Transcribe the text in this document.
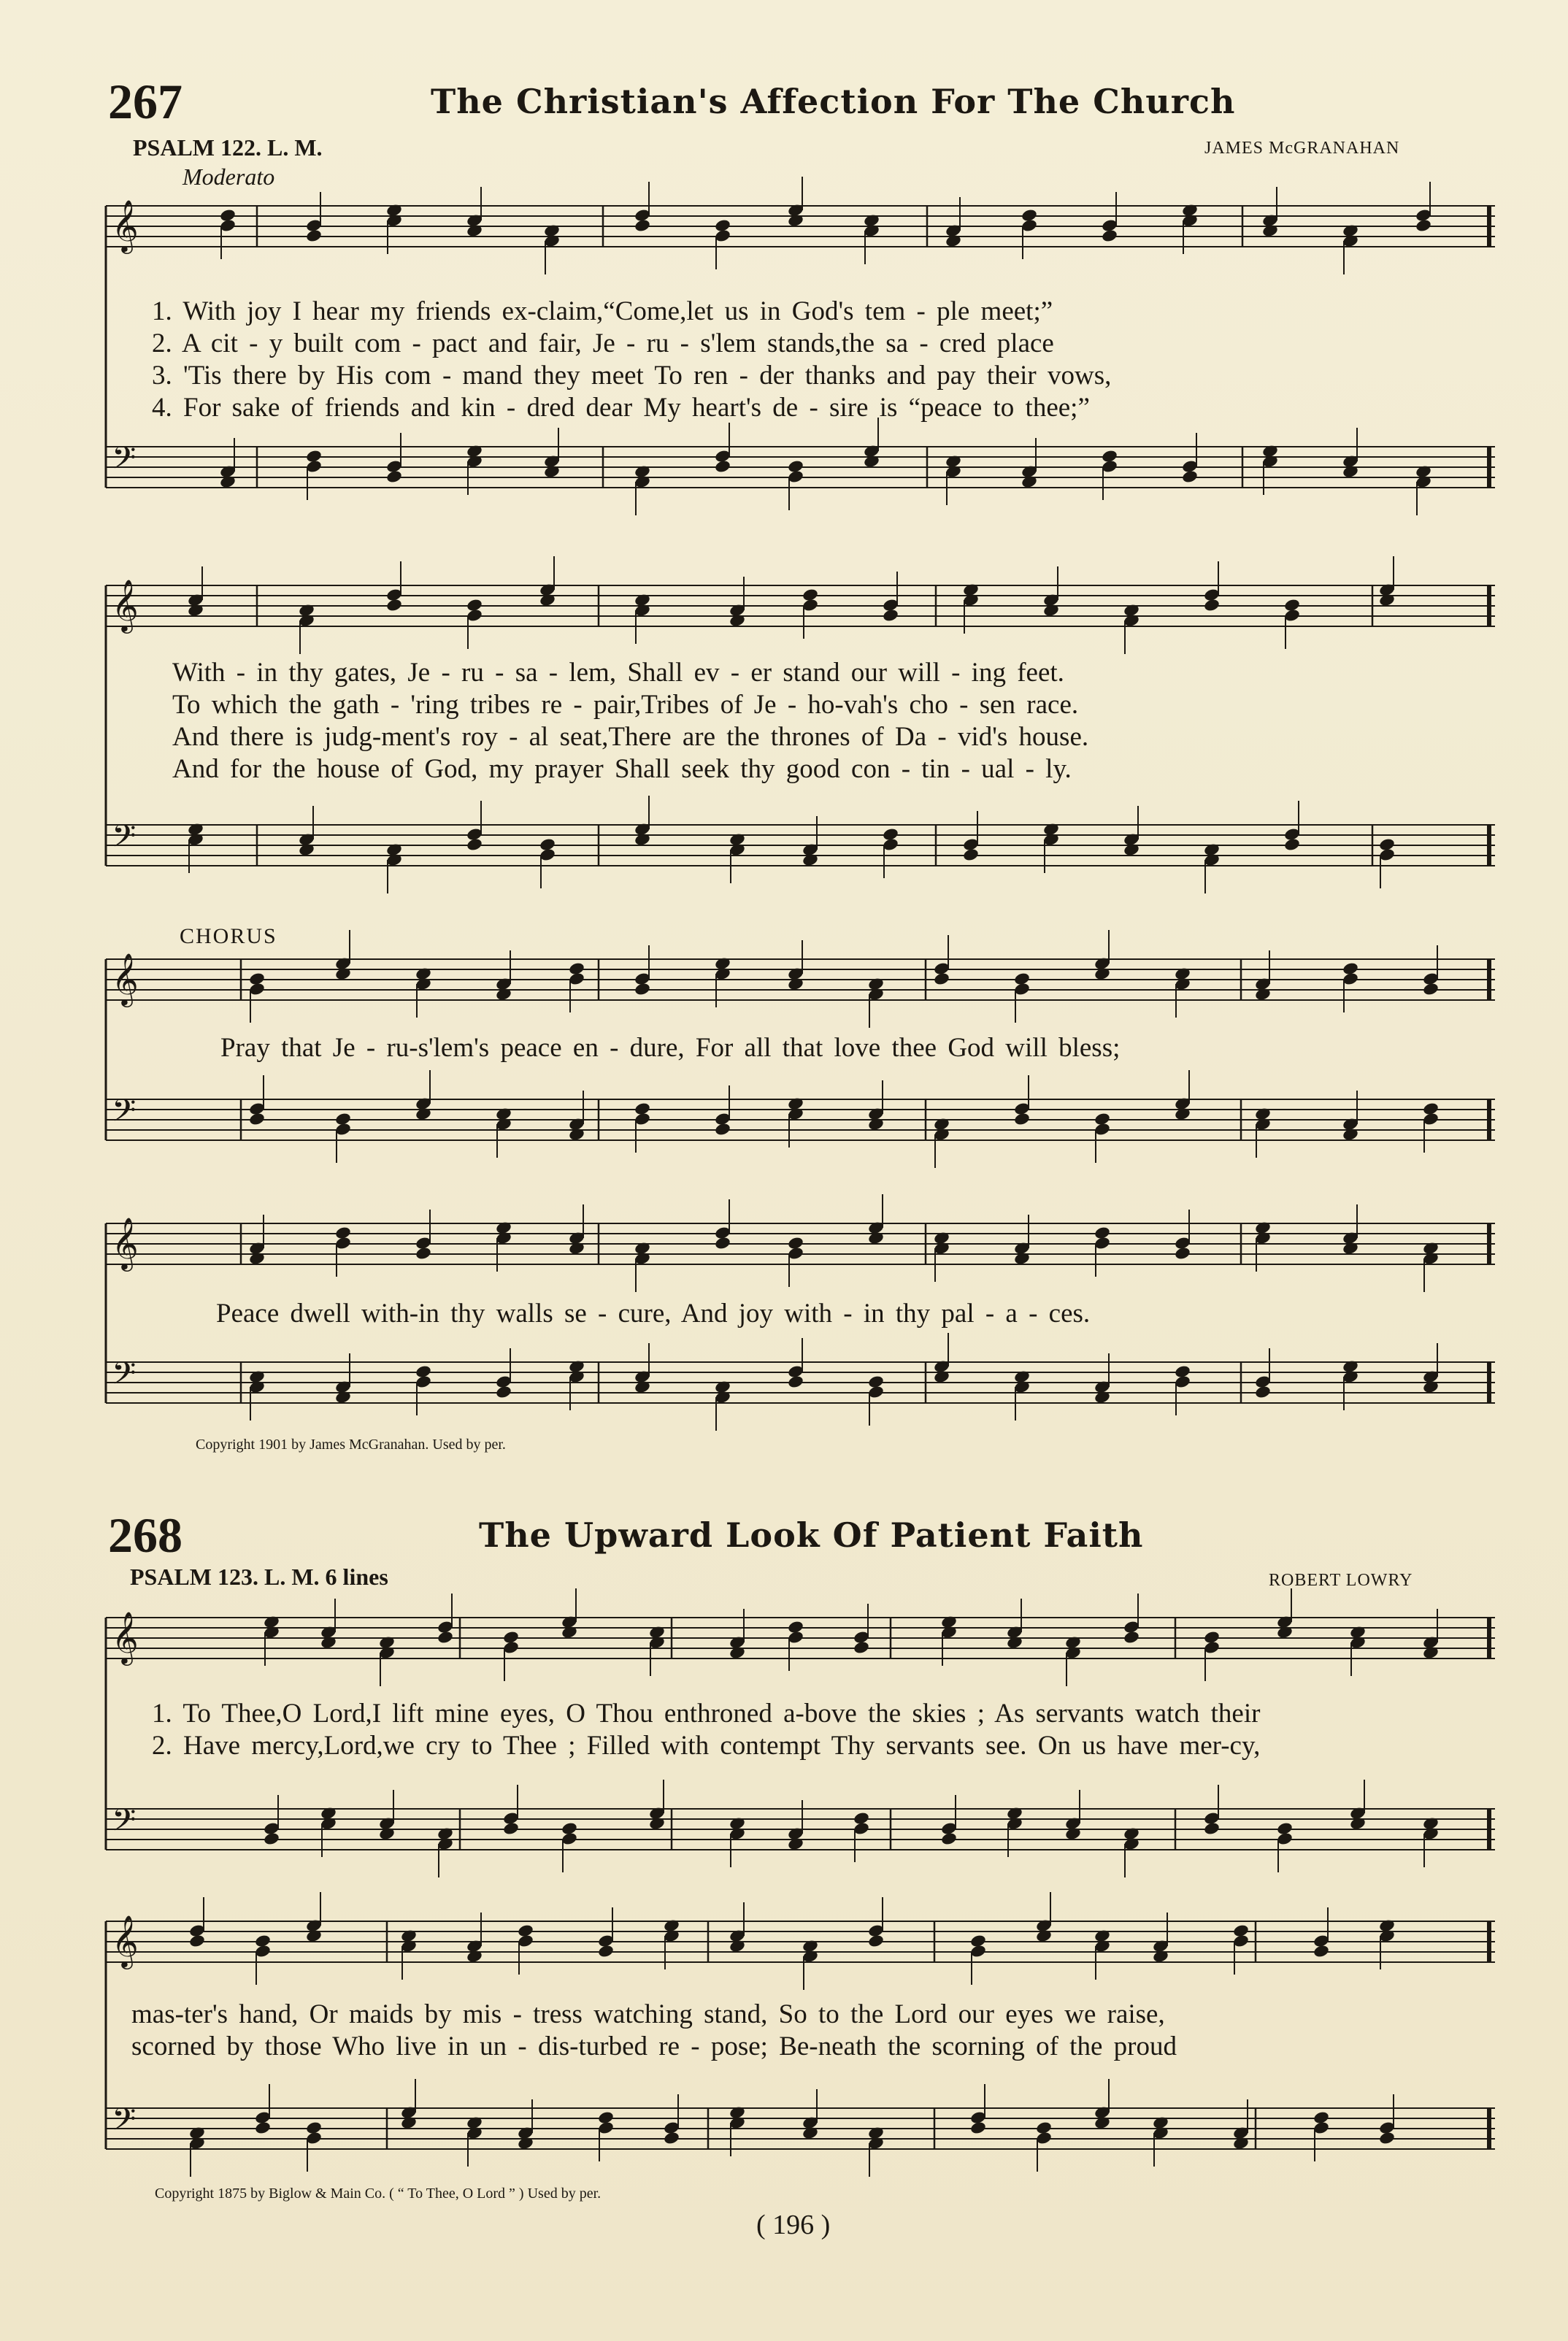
𝄞
𝄢
𝄞
𝄢
𝄞
𝄢
𝄞
𝄢
𝄞
𝄢
𝄞
𝄢
267	The Christian's Affection For The Church
PSALM 122. L. M.	JAMES McGRANAHAN
Moderato
1. With joy I hear my friends ex-claim,“Come,let us in God's tem - ple meet;”
2. A cit - y built com - pact and fair, Je - ru - s'lem stands,the sa - cred place
3. 'Tis there by His com - mand they meet To ren - der thanks and pay their vows,
4. For sake of friends and kin - dred dear My heart's de - sire is “peace to thee;”
With - in thy gates, Je - ru - sa - lem, Shall ev - er stand our will - ing feet.
To which the gath - 'ring tribes re - pair,Tribes of Je - ho-vah's cho - sen race.
And there is judg-ment's roy - al seat,There are the thrones of Da - vid's house.
And for the house of God, my prayer Shall seek thy good con - tin - ual - ly.
CHORUS
Pray that Je - ru-s'lem's peace en - dure, For all that love thee God will bless;
Peace dwell with-in thy walls se - cure, And joy with - in thy pal - a - ces.
Copyright 1901 by James McGranahan. Used by per.
268	The Upward Look Of Patient Faith
PSALM 123. L. M. 6 lines	ROBERT LOWRY
1. To Thee,O Lord,I lift mine eyes, O Thou enthroned a-bove the skies ; As servants watch their
2. Have mercy,Lord,we cry to Thee ; Filled with contempt Thy servants see. On us have mer-cy,
mas-ter's hand, Or maids by mis - tress watching stand, So to the Lord our eyes we raise,
scorned by those Who live in un - dis-turbed re - pose; Be-neath the scorning of the proud
Copyright 1875 by Biglow & Main Co. ( “ To Thee, O Lord ” ) Used by per.
( 196 )
